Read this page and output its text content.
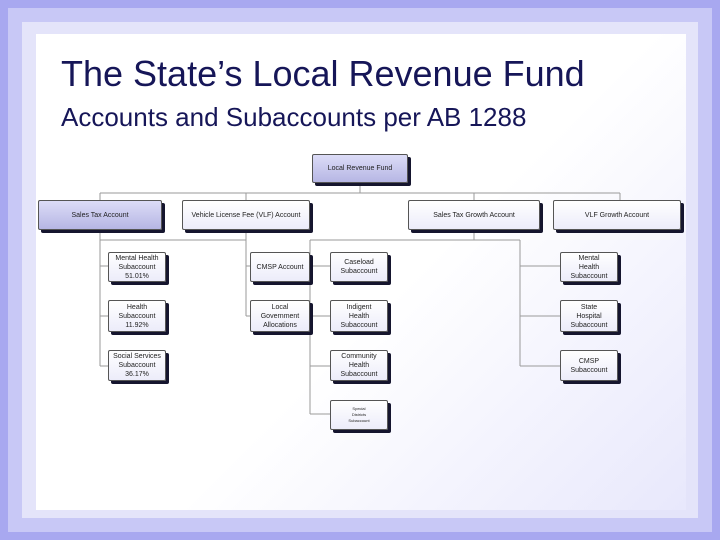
The State’s Local Revenue Fund
Accounts and Subaccounts per AB 1288
Local Revenue Fund
Sales Tax Account	Vehicle License Fee (VLF) Account	Sales Tax Growth Account	VLF Growth Account
Mental Health
Subaccount
51.01%
Health
Subaccount
11.92%
Social Services
Subaccount
36.17%
CMSP Account
Local
Government
Allocations
Caseload
Subaccount
Indigent
Health
Subaccount
Community
Health
Subaccount
Special
Districts
Subaccount
Mental
Health
Subaccount
State
Hospital
Subaccount
CMSP
Subaccount
